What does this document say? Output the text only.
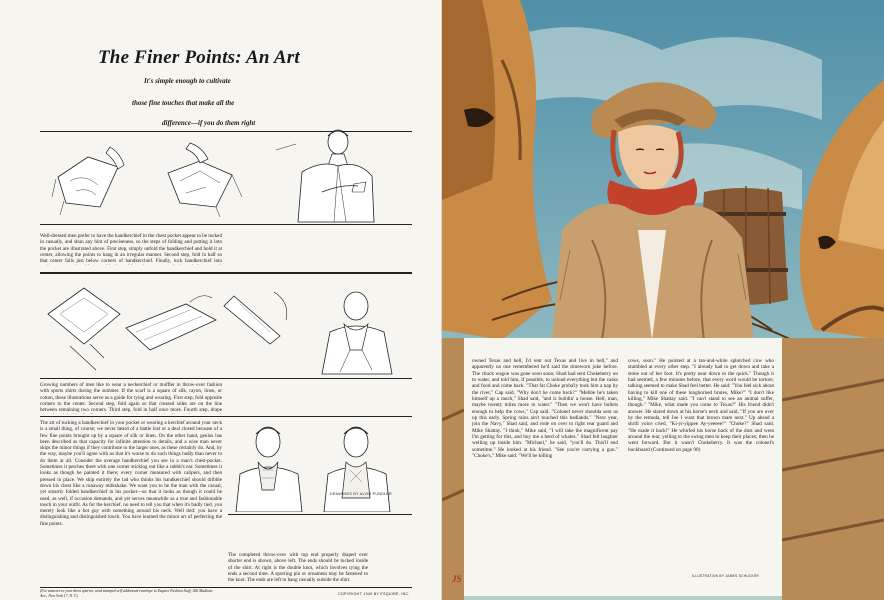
The Finer Points: An Art
It's simple enough to cultivate
those fine touches that make all the
difference—if you do them right
Well-dressed men prefer to have the handkerchief in the chest pocket appear to be tucked in casually, and shun any hint of preciseness, so the steps of folding and putting it into the pocket are illustrated above. First step, simply unfold the handkerchief and hold it at center, allowing the points to hang in an irregular manner. Second step, fold in half so that center falls just below corners of handkerchief. Finally, tuck handkerchief into
Growing numbers of men like to wear a neckerchief or muffler in throw-over fashion with sports shirts during the summer. If the scarf is a square of silk, rayon, linen, or cotton, these illustrations serve as a guide for tying and wearing. First step, fold opposite corners to the center. Second step, fold again so that creased sides are on the line between remaining two corners. Third step, fold in half once more. Fourth step, drape
The art of tucking a handkerchief in your pocket or wearing a kerchief around your neck is a small thing, of course; we never heard of a battle lost or a deal closed because of a few fine points brought up by a square of silk or linen. On the other hand, genius has been described as that capacity for infinite attention to details, and a wise man never skips the minor things if they contribute to the larger ones, as these certainly do. And, by the way, maybe you'll agree with us that it's worse to do such things badly than never to do them at all. Consider the average handkerchief you see in a man's chest-pocket. Sometimes it perches there with one corner sticking out like a rabbit's ear. Sometimes it looks as though he painted it there; every corner measured with calipers, and then pressed in place. We skip entirely the lad who thinks his handkerchief should dribble down his chest like a runaway milkshake. We want you to be the man with the casual, yet smartly folded handkerchief in his pocket—so that it looks as though it could be used, as well, if occasion demands, and yet serves meanwhile as a true and fashionable touch in your outfit. As for the kerchief, no need to tell you that when it's badly tied, you merely look like a hot guy with something around his neck. Well tied: you have a distinguishing and distinguished touch. You have learned the minor art of perfecting the fine points.
DRAWINGS BY ALVIN PUNDLER
The completed throw-over with top end properly draped over shorter end is shown, above left. The ends should be tucked inside of the shirt. At right is the double knot, which involves tying the ends a second time. A sporting pin or ornament may be fastened to the knot. The ends are left to hang casually outside the shirt.
(For answers to your dress queries, send stamped self-addressed envelope to Esquire Fashion Staff, 366 Madison Ave., New York 17, N. Y.)	COPYRIGHT 1949 BY ESQUIRE, INC.
owned Texas and hell, I'd rent out Texas and live in hell," and apparently no one remembered he'd said the timeworn joke before. The chuck wagon was gone soon soon; Shad had sent Chokeberry on to water, and told him, if possible, to unload everything but the casks and food and come back. "That fat Choke proba'ly took him a nap by the river," Cap said. "Why don't he come back?" "Mebbe he's taken himself up a ranch," Shad said, "and is buildin' a house. Hell, man, maybe twenty miles more to water." "Then we won't have bullets enough to help the cows," Cap said. "Colonel never shoulda sent us up this early. Spring rains ain't touched this badlands." "Next year, join the Navy," Shad said, and rode on over to right rear guard and Mike Shattay. "I think," Mike said, "I will take the magnificent pay I'm getting for this, and buy me a herd of whales." Shad felt laughter welling up inside him. "Michael," he said, "you'll do. This'll end sometime." He looked at his friend. "See you're carrying a gun." "Choke's," Mike said. "We'll be killing
cows, soon." He pointed at a tan-and-white splotched cow who stumbled at every other step. "I already had to get down and take a stone out of her foot. It's pretty near down to the quick." Though it had seemed, a few minutes before, that every word would be torture, talking seemed to make Shad feel better. He said: "You feel sick about having to kill one of these longhorned brutes, Mike?" "I don't like killing," Mike Shattay said. "I can't stand to see an animal suffer, though." "Mike, what made you come to Texas?" His friend didn't answer. He stared down at his horse's neck and said, "If you are over by the remuda, tell Joe I want that brown mare next." Up ahead a shrill voice cried, "Ki-yi-yippee Ay-yeeeee!" "Choke?" Shad said. "He made it back!" He whirled his horse back of the dust and went around the rear, yelling to the swing men to keep their places; then he went forward. But it wasn't Chokeberry. It was the colonel's buckboard (Continued on page 90)
ILLUSTRATION BY JAMES SCHUCKER
JS
